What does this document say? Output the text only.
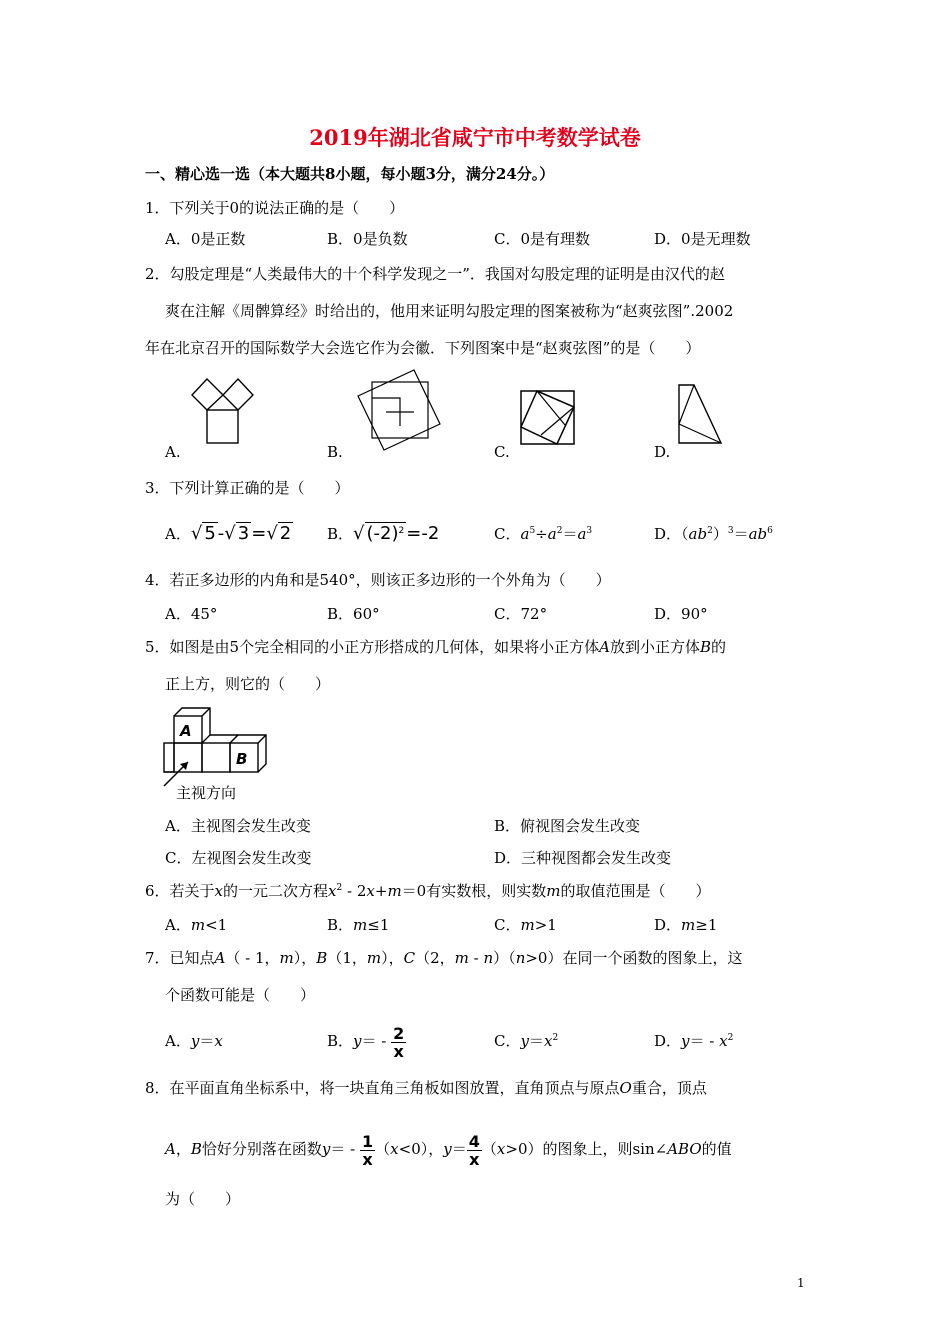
2019年湖北省咸宁市中考数学试卷
一、精心选一选（本大题共8小题，每小题3分，满分24分。）
1．下列关于0的说法正确的是（　　）
A．0是正数	B．0是负数	C．0是有理数	D．0是无理数
2．勾股定理是“人类最伟大的十个科学发现之一”．我国对勾股定理的证明是由汉代的赵
爽在注解《周髀算经》时给出的，他用来证明勾股定理的图案被称为“赵爽弦图”.2002
年在北京召开的国际数学大会选它作为会徽．下列图案中是“赵爽弦图”的是（　　）
A.	B.	C.	D.
3．下列计算正确的是（　　）
A．√ 5 -√ 3 =√ 2 B．√ $(-2)^2 =-2$	C．$a^5\div a^2=a^3$	D．$(ab^2)^3=ab^6$
4．若正多边形的内角和是540°，则该正多边形的一个外角为（　　）
A．45°	B．60°	C．72°	D．90°
5．如图是由5个完全相同的小正方形搭成的几何体，如果将小正方体A放到小正方体B的
正上方，则它的（　　）
A
B
主视方向
A．主视图会发生改变	B．俯视图会发生改变
C．左视图会发生改变	D．三种视图都会发生改变
6．若关于x的一元二次方程$x^2 - 2x+m=0$有实数根，则实数m的取值范围是（　　）
A．m<1	B．m≤1	C．m>1	D．m≥1
7．已知点A（ - 1，m），B（1，m），C（2，m - n）（n>0）在同一个函数的图象上，这
个函数可能是（　　）
A．y＝x	B．$y= - \frac{2}{x}$	C．$y=x^2$	D．$y= - x^2$
8．在平面直角坐标系中，将一块直角三角板如图放置，直角顶点与原点O重合，顶点
A，B恰好分别落在函数$y= - \frac{1}{x} (x<0)$，$y= \frac{4}{x} (x>0)$的图象上，则sin∠ABO的值
为（　　）
1
